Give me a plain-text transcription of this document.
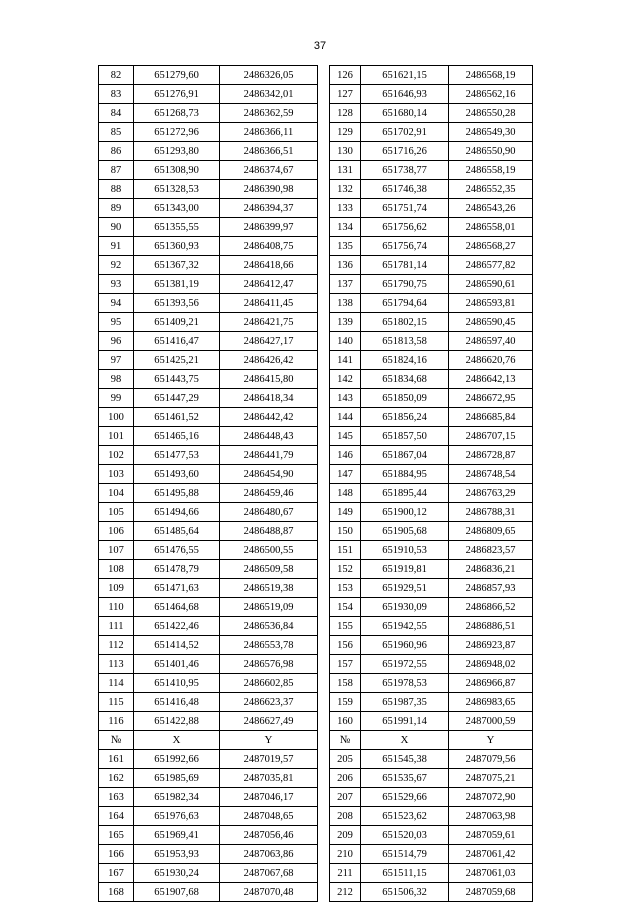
37
82	651279,60	2486326,05		126	651621,15	2486568,19
83	651276,91	2486342,01		127	651646,93	2486562,16
84	651268,73	2486362,59		128	651680,14	2486550,28
85	651272,96	2486366,11		129	651702,91	2486549,30
86	651293,80	2486366,51		130	651716,26	2486550,90
87	651308,90	2486374,67		131	651738,77	2486558,19
88	651328,53	2486390,98		132	651746,38	2486552,35
89	651343,00	2486394,37		133	651751,74	2486543,26
90	651355,55	2486399,97		134	651756,62	2486558,01
91	651360,93	2486408,75		135	651756,74	2486568,27
92	651367,32	2486418,66		136	651781,14	2486577,82
93	651381,19	2486412,47		137	651790,75	2486590,61
94	651393,56	2486411,45		138	651794,64	2486593,81
95	651409,21	2486421,75		139	651802,15	2486590,45
96	651416,47	2486427,17		140	651813,58	2486597,40
97	651425,21	2486426,42		141	651824,16	2486620,76
98	651443,75	2486415,80		142	651834,68	2486642,13
99	651447,29	2486418,34		143	651850,09	2486672,95
100	651461,52	2486442,42		144	651856,24	2486685,84
101	651465,16	2486448,43		145	651857,50	2486707,15
102	651477,53	2486441,79		146	651867,04	2486728,87
103	651493,60	2486454,90		147	651884,95	2486748,54
104	651495,88	2486459,46		148	651895,44	2486763,29
105	651494,66	2486480,67		149	651900,12	2486788,31
106	651485,64	2486488,87		150	651905,68	2486809,65
107	651476,55	2486500,55		151	651910,53	2486823,57
108	651478,79	2486509,58		152	651919,81	2486836,21
109	651471,63	2486519,38		153	651929,51	2486857,93
110	651464,68	2486519,09		154	651930,09	2486866,52
111	651422,46	2486536,84		155	651942,55	2486886,51
112	651414,52	2486553,78		156	651960,96	2486923,87
113	651401,46	2486576,98		157	651972,55	2486948,02
114	651410,95	2486602,85		158	651978,53	2486966,87
115	651416,48	2486623,37		159	651987,35	2486983,65
116	651422,88	2486627,49		160	651991,14	2487000,59
№	X	Y		№	X	Y
161	651992,66	2487019,57		205	651545,38	2487079,56
162	651985,69	2487035,81		206	651535,67	2487075,21
163	651982,34	2487046,17		207	651529,66	2487072,90
164	651976,63	2487048,65		208	651523,62	2487063,98
165	651969,41	2487056,46		209	651520,03	2487059,61
166	651953,93	2487063,86		210	651514,79	2487061,42
167	651930,24	2487067,68		211	651511,15	2487061,03
168	651907,68	2487070,48		212	651506,32	2487059,68
